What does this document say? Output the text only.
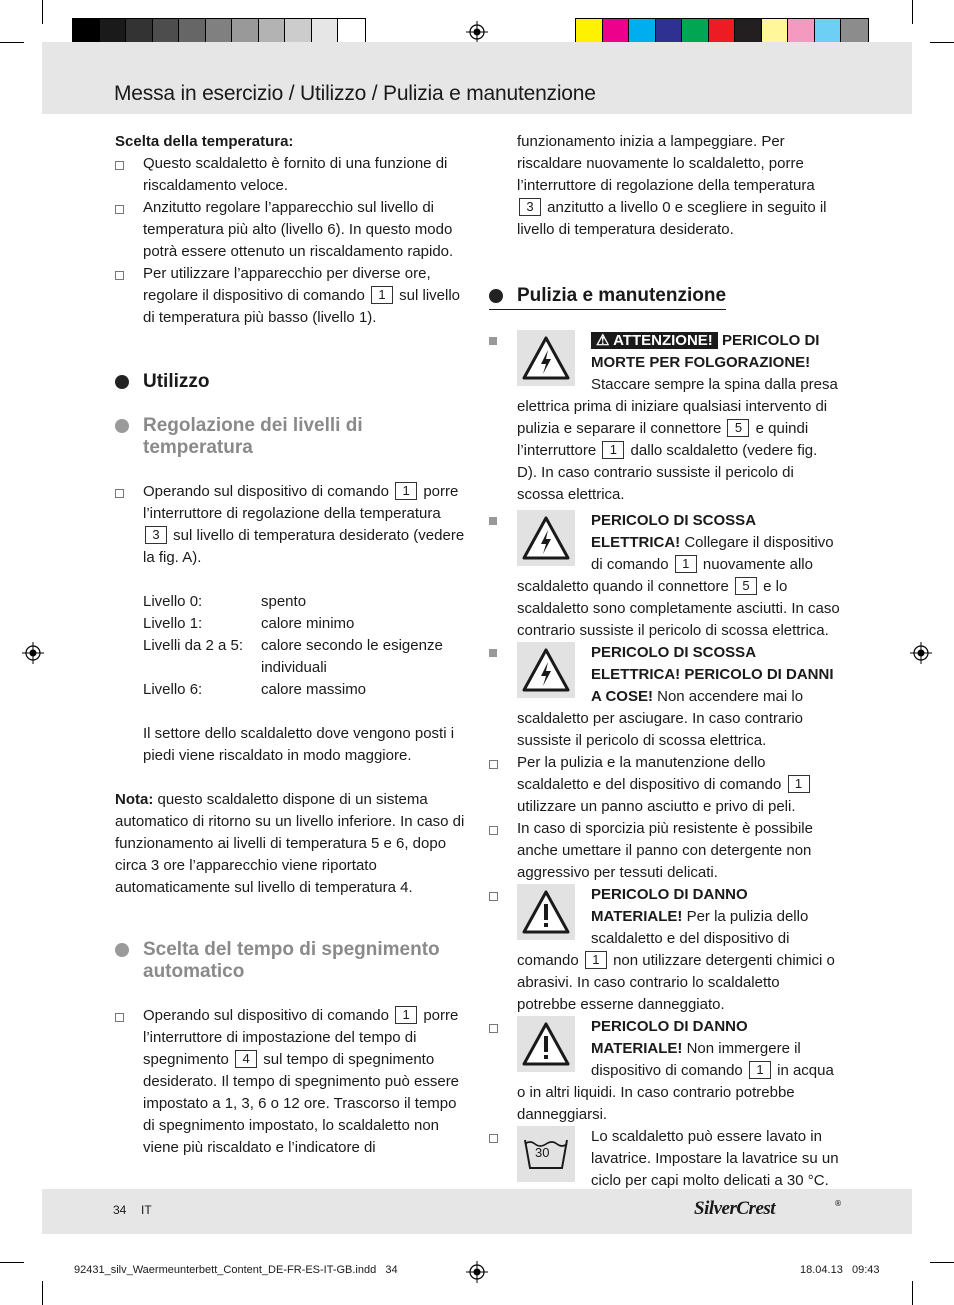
Messa in esercizio / Utilizzo / Pulizia e manutenzione
Scelta della temperatura:
Questo scaldaletto è fornito di una funzione di riscaldamento veloce.
Anzitutto regolare l’apparecchio sul livello di temperatura più alto (livello 6). In questo modo potrà essere ottenuto un riscaldamento rapido.
Per utilizzare l’apparecchio per diverse ore, regolare il dispositivo di comando 1 sul livello di temperatura più basso (livello 1).
Utilizzo
Regolazione dei livelli di temperatura
Operando sul dispositivo di comando 1 porre l’interruttore di regolazione della temperatura 3 sul livello di temperatura desiderato (vedere la fig. A).
Livello 0:	spento
Livello 1:	calore minimo
Livelli da 2 a 5:	calore secondo le esigenze individuali
Livello 6:	calore massimo
Il settore dello scaldaletto dove vengono posti i piedi viene riscaldato in modo maggiore.
Nota: questo scaldaletto dispone di un sistema automatico di ritorno su un livello inferiore. In caso di funzionamento ai livelli di temperatura 5 e 6, dopo circa 3 ore l’apparecchio viene riportato automaticamente sul livello di temperatura 4.
Scelta del tempo di spegnimento automatico
Operando sul dispositivo di comando 1 porre l’interruttore di impostazione del tempo di spegnimento 4 sul tempo di spegnimento desiderato. Il tempo di spegnimento può essere impostato a 1, 3, 6 o 12 ore. Trascorso il tempo di spegnimento impostato, lo scaldaletto non viene più riscaldato e l’indicatore di
funzionamento inizia a lampeggiare. Per riscaldare nuovamente lo scaldaletto, porre l’interruttore di regolazione della temperatura 3 anzitutto a livello 0 e scegliere in seguito il livello di temperatura desiderato.
Pulizia e manutenzione
⚠ ATTENZIONE! PERICOLO DI MORTE PER FOLGORAZIONE! Staccare sempre la spina dalla presa elettrica prima di iniziare qualsiasi intervento di pulizia e separare il connettore 5 e quindi l’interruttore 1 dallo scaldaletto (vedere fig. D). In caso contrario sussiste il pericolo di scossa elettrica.
PERICOLO DI SCOSSA ELETTRICA! Collegare il dispositivo di comando 1 nuovamente allo scaldaletto quando il connettore 5 e lo scaldaletto sono completamente asciutti. In caso contrario sussiste il pericolo di scossa elettrica.
PERICOLO DI SCOSSA ELETTRICA! PERICOLO DI DANNI A COSE! Non accendere mai lo scaldaletto per asciugare. In caso contrario sussiste il pericolo di scossa elettrica.
Per la pulizia e la manutenzione dello scaldaletto e del dispositivo di comando 1 utilizzare un panno asciutto e privo di peli.
In caso di sporcizia più resistente è possibile anche umettare il panno con detergente non aggressivo per tessuti delicati.
PERICOLO DI DANNO MATERIALE! Per la pulizia dello scaldaletto e del dispositivo di comando 1 non utilizzare detergenti chimici o abrasivi. In caso contrario lo scaldaletto potrebbe esserne danneggiato.
PERICOLO DI DANNO MATERIALE! Non immergere il dispositivo di comando 1 in acqua o in altri liquidi. In caso contrario potrebbe danneggiarsi.
30
Lo scaldaletto può essere lavato in lavatrice. Impostare la lavatrice su un ciclo per capi molto delicati a 30 °C.
34 IT	SilverCrest	®
92431_silv_Waermeunterbett_Content_DE-FR-ES-IT-GB.indd   34	18.04.13   09:43
